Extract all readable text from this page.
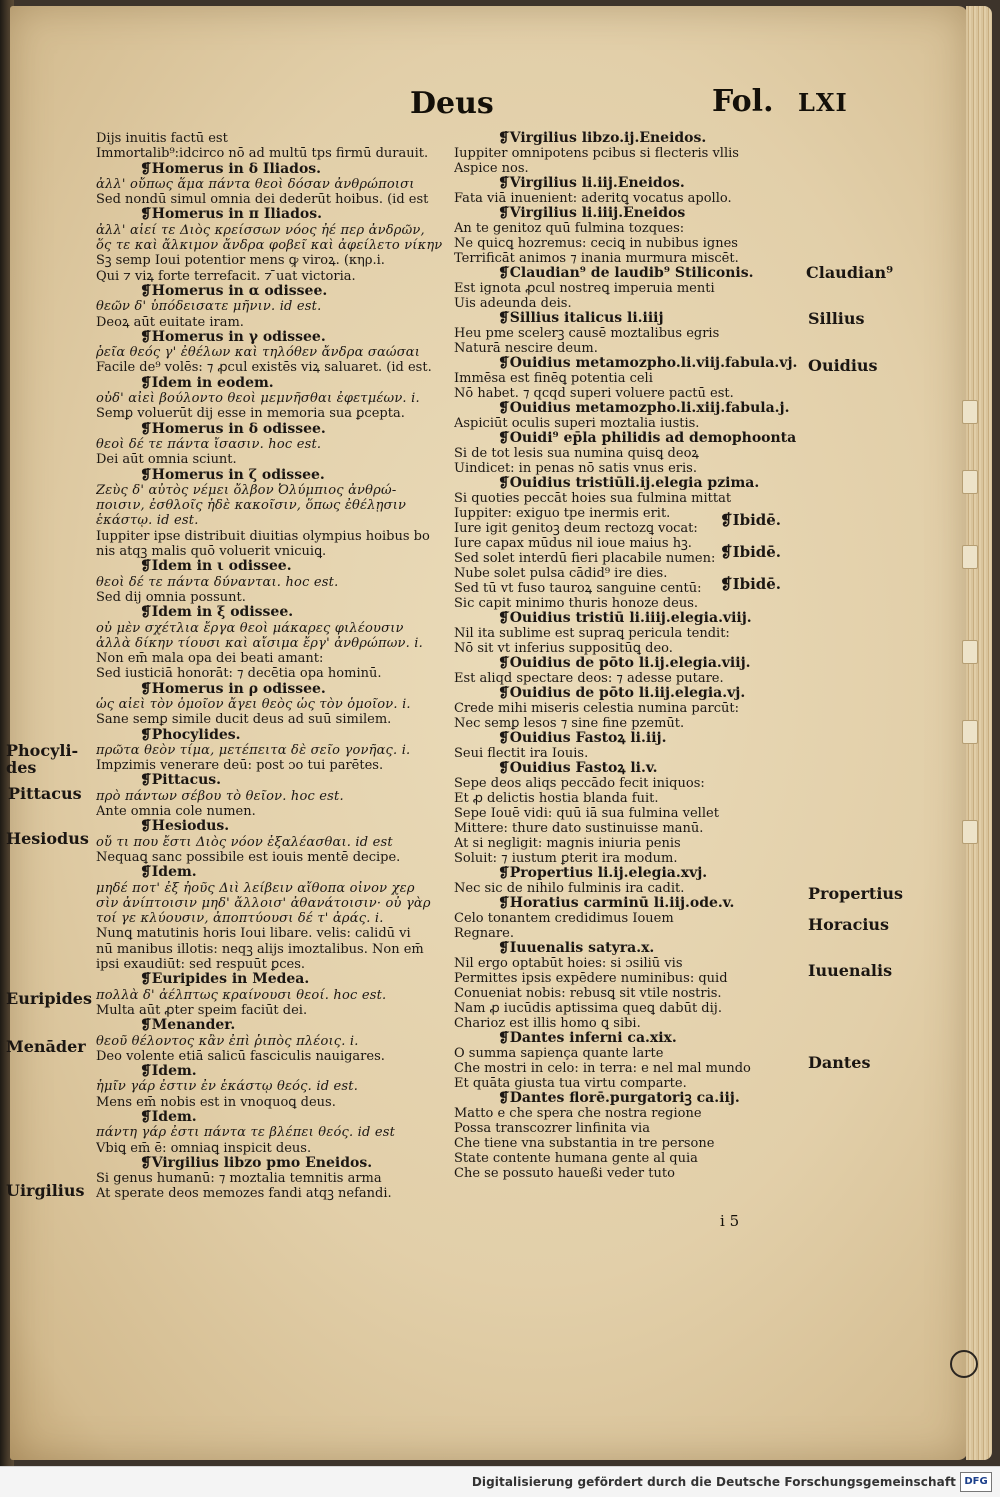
Deus	Fol. LXI
Dijs inuitis factū est
Immortalib⁹:idcirco nō ad multū tps firmū durauit.
❡Homerus in δ Iliados.
ἀλλ' οὔπως ἅμα πάντα θεοὶ δόσαν ἀνθρώποισι
Sed nondū simul omnia dei dederūt hoibus. (id est
❡Homerus in π Iliados.
ἀλλ' αἰεί τε Διὸς κρείσσων νόος ἠέ περ ἀνδρῶν,
ὅς τε καὶ ἄλκιμον ἄνδρα φοβεῖ καὶ ἀφείλετο νίκην
Sꝫ semp Ioui potentior mens ꝙ viroꝝ. (κηρ.i.
Qui ⁊ viꝝ forte terrefacit. ⁊ ̄uat victoria.
❡Homerus in α odissee.
θεῶν δ' ὑπόδεισατε μῆνιν. id est.
Deoꝝ aūt euitate iram.
❡Homerus in γ odissee.
ῥεῖα θεός γ' ἐθέλων καὶ τηλόθεν ἄνδρα σαώσαι
Facile de⁹ volēs: ⁊ ꝓcul existēs viꝝ saluaret. (id est.
❡Idem in eodem.
οὐδ' αἰεὶ βούλοντο θεοὶ μεμνῆσθαι ἐφετμέων. i.
Semꝑ voluerūt dij esse in memoria sua ꝑcepta.
❡Homerus in δ odissee.
θεοὶ δέ τε πάντα ἴσασιν. hoc est.
Dei aūt omnia sciunt.
❡Homerus in ζ odissee.
Ζεὺς δ' αὐτὸς νέμει ὄλβον Ὀλύμπιος ἀνθρώ-
ποισιν, ἐσθλοῖς ἠδὲ κακοῖσιν, ὅπως ἐθέλῃσιν
ἑκάστῳ. id est.
Iuppiter ipse distribuit diuitias olympius hoibus bo
nis atqꝫ malis quō voluerit vnicuiꝗ.
❡Idem in ι odissee.
θεοὶ δέ τε πάντα δύνανται. hoc est.
Sed dij omnia possunt.
❡Idem in ξ odissee.
οὐ μὲν σχέτλια ἔργα θεοὶ μάκαρες φιλέουσιν
ἀλλὰ δίκην τίουσι καὶ αἴσιμα ἔργ' ἀνθρώπων. i.
Non em̄ mala opa dei beati amant:
Sed iusticiā honorāt: ⁊ decētia opa hominū.
❡Homerus in ρ odissee.
ὡς αἰεὶ τὸν ὁμοῖον ἄγει θεὸς ὡς τὸν ὁμοῖον. i.
Sane semꝑ simile ducit deus ad suū similem.
❡Phocylides.
πρῶτα θεὸν τίμα, μετέπειτα δὲ σεῖο γονῆας. i.
Impzimis venerare deū: post ɔo tui parētes.
❡Pittacus.
πρὸ πάντων σέβου τὸ θεῖον. hoc est.
Ante omnia cole numen.
❡Hesiodus.
οὔ τι που ἔστι Διὸς νόον ἐξαλέασθαι. id est
Nequaꝗ sanc possibile est iouis mentē decipe.
❡Idem.
μηδέ ποτ' ἐξ ἠοῦς Διὶ λείβειν αἴθοπα οἶνον χερ
σὶν ἀνίπτοισιν μηδ' ἄλλοισ' ἀθανάτοισιν· οὐ γὰρ
τοί γε κλύουσιν, ἀποπτύουσι δέ τ' ἀράς. i.
Nunꝗ matutinis horis Ioui libare. velis: calidū vi
nū manibus illotis: neqꝫ alijs imoztalibus. Non em̄
ipsi exaudiūt: sed respuūt ꝑces.
❡Euripides in Medea.
πολλὰ δ' ἀέλπτως κραίνουσι θεοί. hoc est.
Multa aūt ꝓter speim faciūt dei.
❡Menander.
θεοῦ θέλοντος κἂν ἐπὶ ῥιπὸς πλέοις. i.
Deo volente etiā salicū fasciculis nauigares.
❡Idem.
ἡμῖν γάρ ἐστιν ἐν ἑκάστῳ θεός. id est.
Mens em̄ nobis est in vnoquoꝗ deus.
❡Idem.
πάντη γάρ ἐστι πάντα τε βλέπει θεός. id est
Vbiꝗ em̄ ē: omniaꝗ inspicit deus.
❡Virgilius libzo pmo Eneidos.
Si genus humanū: ⁊ moztalia temnitis arma
At sperate deos memozes fandi atqꝫ nefandi.
❡Virgilius libzo.ij.Eneidos.
Iuppiter omnipotens pcibus si flecteris vllis
Aspice nos.
❡Virgilius li.iij.Eneidos.
Fata viā inuenient: aderitꝗ vocatus apollo.
❡Virgilius li.iiij.Eneidos
An te genitoz quū fulmina tozques:
Ne quicꝗ hozremus: ceciꝗ in nubibus ignes
Terrificāt animos ⁊ inania murmura miscēt.
❡Claudian⁹ de laudib⁹ Stiliconis.
Est ignota ꝓcul nostreꝗ imperuia menti
Uis adeunda deis.
❡Sillius italicus li.iiij
Heu pme scelerꝫ causē moztalibus egris
Naturā nescire deum.
❡Ouidius metamozpho.li.viij.fabula.vj.
Immēsa est finēꝗ potentia celi
Nō habet. ⁊ qcqd superi voluere pactū est.
❡Ouidius metamozpho.li.xiij.fabula.j.
Aspiciūt oculis superi moztalia iustis.
❡Ouidi⁹ ep̄la philidis ad demophoonta
Si de tot lesis sua numina quisꝗ deoꝝ
Uindicet: in penas nō satis vnus eris.
❡Ouidius tristiūli.ij.elegia pzima.
Si quoties peccāt hoies sua fulmina mittat
Iuppiter: exiguo tpe inermis erit.
Iure igit genitoꝫ deum rectozꝗ vocat:
Iure capax mūdus nil ioue maius hꝫ.
Sed solet interdū fieri placabile numen:
Nube solet pulsa cādid⁹ ire dies.
Sed tū vt fuso tauroꝝ sanguine centū:
Sic capit minimo thuris honoze deus.
❡Ouidius tristiū li.iiij.elegia.viij.
Nil ita sublime est supraꝗ pericula tendit:
Nō sit vt inferius suppositūꝗ deo.
❡Ouidius de pōto li.ij.elegia.viij.
Est aliqd spectare deos: ⁊ adesse putare.
❡Ouidius de pōto li.iij.elegia.vj.
Crede mihi miseris celestia numina parcūt:
Nec semꝑ lesos ⁊ sine fine pzemūt.
❡Ouidius Fastoꝝ li.iij.
Seui flectit ira Iouis.
❡Ouidius Fastoꝝ li.v.
Sepe deos aliqs peccādo fecit iniquos:
Et ꝓ delictis hostia blanda fuit.
Sepe Iouē vidi: quū iā sua fulmina vellet
Mittere: thure dato sustinuisse manū.
At si negligit: magnis iniuria penis
Soluit: ⁊ iustum ꝑterit ira modum.
❡Propertius li.ij.elegia.xvj.
Nec sic de nihilo fulminis ira cadit.
❡Horatius carminū li.iij.ode.v.
Celo tonantem credidimus Iouem
Regnare.
❡Iuuenalis satyra.x.
Nil ergo optabūt hoies: si ɔsiliū vis
Permittes ipsis expēdere numinibus: quid
Conueniat nobis: rebusꝗ sit vtile nostris.
Nam ꝓ iucūdis aptissima queꝗ dabūt dij.
Charioz est illis homo ꝗ sibi.
❡Dantes inferni ca.xix.
O summa sapiença quante larte
Che mostri in celo: in terra: e nel mal mundo
Et quāta giusta tua virtu comparte.
❡Dantes florē.purgatoriꝫ ca.iij.
Matto e che spera che nostra regione
Possa transcozrer linfinita via
Che tiene vna substantia in tre persone
State contente humana gente al quia
Che se possuto haueßi veder tuto
❡Ibidē.
❡Ibidē.
❡Ibidē.
Phocyli-
des
Pittacus
Hesiodus
Euripides
Menāder
Uirgilius
Claudian⁹
Sillius
Ouidius
Propertius
Horacius
Iuuenalis
Dantes
i 5
Digitalisierung gefördert durch die Deutsche Forschungsgemeinschaft DFG
